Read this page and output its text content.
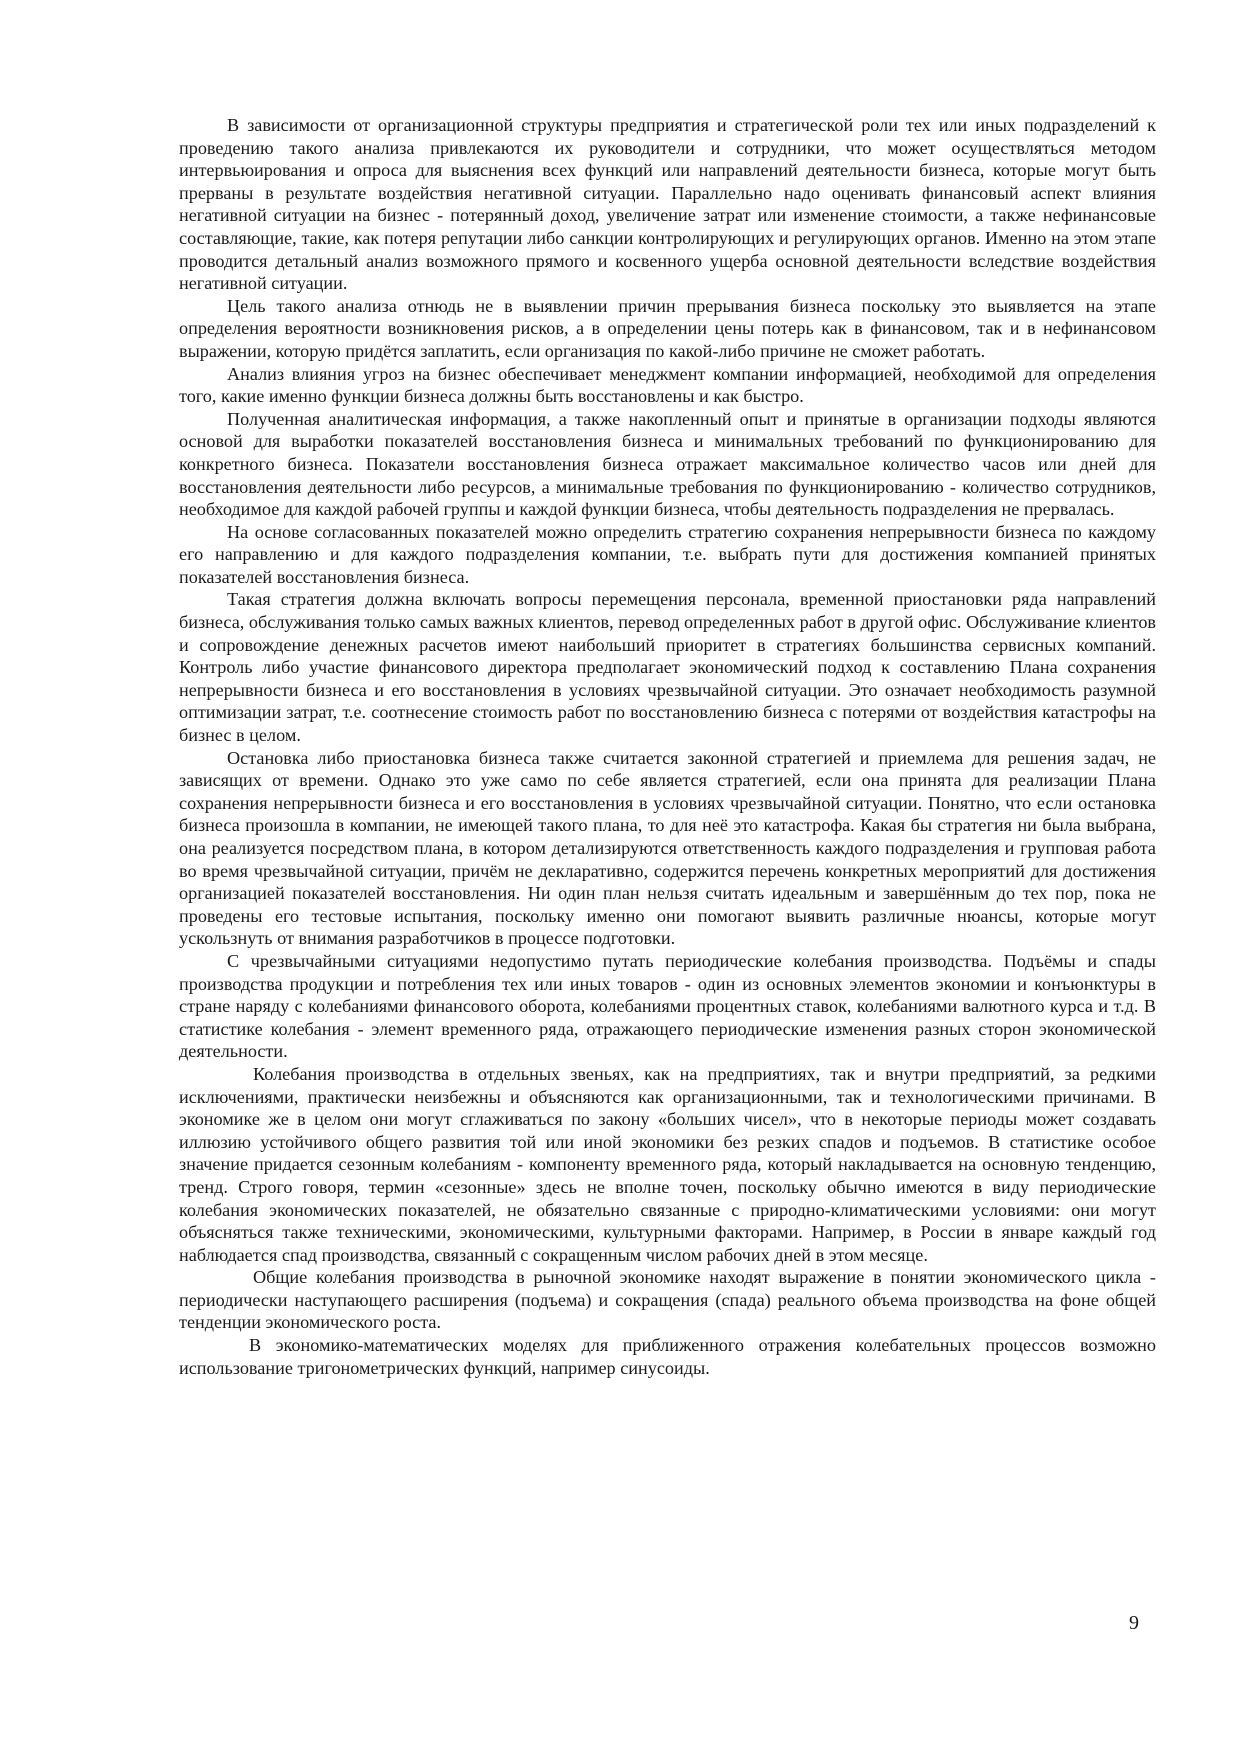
В зависимости от организационной структуры предприятия и стратегической роли тех или иных подразделений к проведению такого анализа привлекаются их руководители и сотрудники, что может осуществляться методом интервьюирования и опроса для выяснения всех функций или направлений деятельности бизнеса, которые могут быть прерваны в результате воздействия негативной ситуации. Параллельно надо оценивать финансовый аспект влияния негативной ситуации на бизнес - потерянный доход, увеличение затрат или изменение стоимости, а также нефинансовые составляющие, такие, как потеря репутации либо санкции контролирующих и регулирующих органов. Именно на этом этапе проводится детальный анализ возможного прямого и косвенного ущерба основной деятельности вследствие воздействия негативной ситуации.

Цель такого анализа отнюдь не в выявлении причин прерывания бизнеса поскольку это выявляется на этапе определения вероятности возникновения рисков, а в определении цены потерь как в финансовом, так и в нефинансовом выражении, которую придётся заплатить, если организация по какой-либо причине не сможет работать.

Анализ влияния угроз на бизнес обеспечивает менеджмент компании информацией, необходимой для определения того, какие именно функции бизнеса должны быть восстановлены и как быстро.

Полученная аналитическая информация, а также накопленный опыт и принятые в организации подходы являются основой для выработки показателей восстановления бизнеса и минимальных требований по функционированию для конкретного бизнеса. Показатели восстановления бизнеса отражает максимальное количество часов или дней для восстановления деятельности либо ресурсов, а минимальные требования по функционированию - количество сотрудников, необходимое для каждой рабочей группы и каждой функции бизнеса, чтобы деятельность подразделения не прервалась.

На основе согласованных показателей можно определить стратегию сохранения непрерывности бизнеса по каждому его направлению и для каждого подразделения компании, т.е. выбрать пути для достижения компанией принятых показателей восстановления бизнеса.

Такая стратегия должна включать вопросы перемещения персонала, временной приостановки ряда направлений бизнеса, обслуживания только самых важных клиентов, перевод определенных работ в другой офис. Обслуживание клиентов и сопровождение денежных расчетов имеют наибольший приоритет в стратегиях большинства сервисных компаний. Контроль либо участие финансового директора предполагает экономический подход к составлению Плана сохранения непрерывности бизнеса и его восстановления в условиях чрезвычайной ситуации. Это означает необходимость разумной оптимизации затрат, т.е. соотнесение стоимость работ по восстановлению бизнеса с потерями от воздействия катастрофы на бизнес в целом.

Остановка либо приостановка бизнеса также считается законной стратегией и приемлема для решения задач, не зависящих от времени. Однако это уже само по себе является стратегией, если она принята для реализации Плана сохранения непрерывности бизнеса и его восстановления в условиях чрезвычайной ситуации. Понятно, что если остановка бизнеса произошла в компании, не имеющей такого плана, то для неё это катастрофа. Какая бы стратегия ни была выбрана, она реализуется посредством плана, в котором детализируются ответственность каждого подразделения и групповая работа во время чрезвычайной ситуации, причём не декларативно, содержится перечень конкретных мероприятий для достижения организацией показателей восстановления. Ни один план нельзя считать идеальным и завершённым до тех пор, пока не проведены его тестовые испытания, поскольку именно они помогают выявить различные нюансы, которые могут ускользнуть от внимания разработчиков в процессе подготовки.

С чрезвычайными ситуациями недопустимо путать периодические колебания производства. Подъёмы и спады производства продукции и потребления тех или иных товаров - один из основных элементов экономии и конъюнктуры в стране наряду с колебаниями финансового оборота, колебаниями процентных ставок, колебаниями валютного курса и т.д. В статистике колебания - элемент временного ряда, отражающего периодические изменения разных сторон экономической деятельности.

Колебания производства в отдельных звеньях, как на предприятиях, так и внутри предприятий, за редкими исключениями, практически неизбежны и объясняются как организационными, так и технологическими причинами. В экономике же в целом они могут сглаживаться по закону «больших чисел», что в некоторые периоды может создавать иллюзию устойчивого общего развития той или иной экономики без резких спадов и подъемов. В статистике особое значение придается сезонным колебаниям - компоненту временного ряда, который накладывается на основную тенденцию, тренд. Строго говоря, термин «сезонные» здесь не вполне точен, поскольку обычно имеются в виду периодические колебания экономических показателей, не обязательно связанные с природно-климатическими условиями: они могут объясняться также техническими, экономическими, культурными факторами. Например, в России в январе каждый год наблюдается спад производства, связанный с сокращенным числом рабочих дней в этом месяце.

Общие колебания производства в рыночной экономике находят выражение в понятии экономического цикла - периодически наступающего расширения (подъема) и сокращения (спада) реального объема производства на фоне общей тенденции экономического роста.

В экономико-математических моделях для приближенного отражения колебательных процессов возможно использование тригонометрических функций, например синусоиды.

9
